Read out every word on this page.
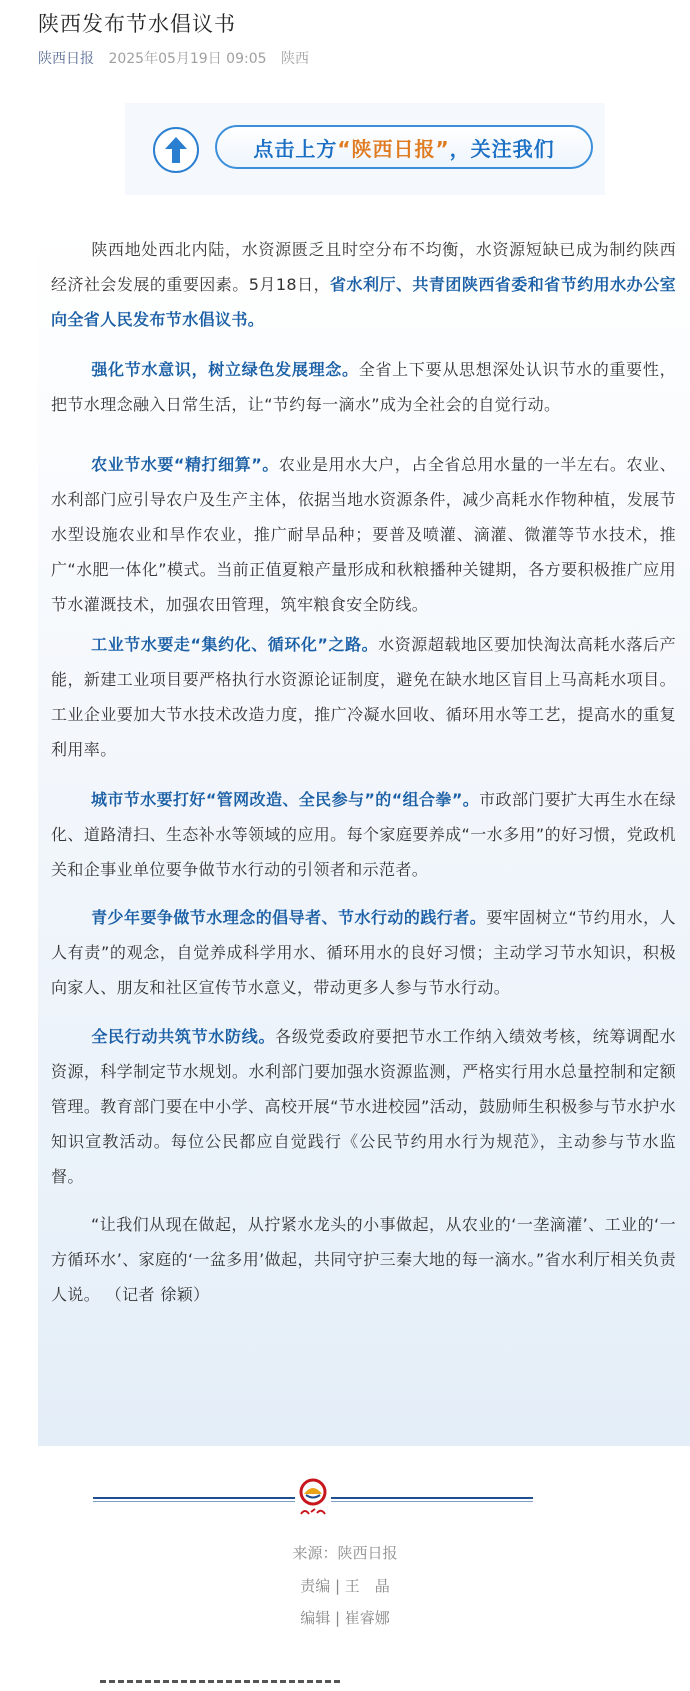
陕西发布节水倡议书
陕西日报 2025年05月19日 09:05 陕西
点击上方 “陕西日报” ，关注我们

陕西地处西北内陆，水资源匮乏且时空分布不均衡，水资源短缺已成为制约陕西经济社会发展的重要因素。5月18日，省水利厅、共青团陕西省委和省节约用水办公室向全省人民发布节水倡议书。

强化节水意识，树立绿色发展理念。全省上下要从思想深处认识节水的重要性，把节水理念融入日常生活，让“节约每一滴水”成为全社会的自觉行动。

农业节水要“精打细算”。农业是用水大户，占全省总用水量的一半左右。农业、水利部门应引导农户及生产主体，依据当地水资源条件，减少高耗水作物种植，发展节水型设施农业和旱作农业，推广耐旱品种；要普及喷灌、滴灌、微灌等节水技术，推广“水肥一体化”模式。当前正值夏粮产量形成和秋粮播种关键期，各方要积极推广应用节水灌溉技术，加强农田管理，筑牢粮食安全防线。

工业节水要走“集约化、循环化”之路。水资源超载地区要加快淘汰高耗水落后产能，新建工业项目要严格执行水资源论证制度，避免在缺水地区盲目上马高耗水项目。工业企业要加大节水技术改造力度，推广冷凝水回收、循环用水等工艺，提高水的重复利用率。

城市节水要打好“管网改造、全民参与”的“组合拳”。市政部门要扩大再生水在绿化、道路清扫、生态补水等领域的应用。每个家庭要养成“一水多用”的好习惯，党政机关和企事业单位要争做节水行动的引领者和示范者。

青少年要争做节水理念的倡导者、节水行动的践行者。要牢固树立“节约用水，人人有责”的观念，自觉养成科学用水、循环用水的良好习惯；主动学习节水知识，积极向家人、朋友和社区宣传节水意义，带动更多人参与节水行动。

全民行动共筑节水防线。各级党委政府要把节水工作纳入绩效考核，统筹调配水资源，科学制定节水规划。水利部门要加强水资源监测，严格实行用水总量控制和定额管理。教育部门要在中小学、高校开展“节水进校园”活动，鼓励师生积极参与节水护水知识宣教活动。每位公民都应自觉践行《公民节约用水行为规范》，主动参与节水监督。

“让我们从现在做起，从拧紧水龙头的小事做起，从农业的‘一垄滴灌’、工业的‘一方循环水’、家庭的‘一盆多用’做起，共同守护三秦大地的每一滴水。”省水利厅相关负责人说。 （记者 徐颖）

来源：陕西日报
责编 | 王　晶
编辑 | 崔睿娜
